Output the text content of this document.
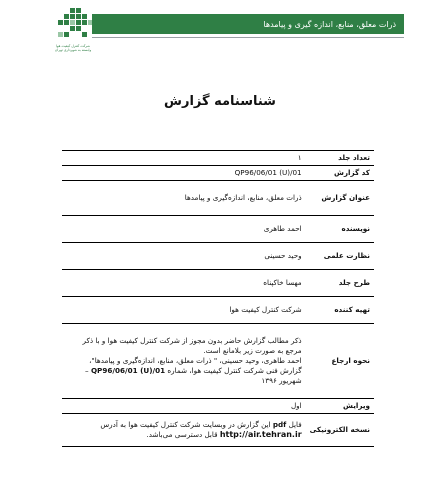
شرکت کنترل کیفیت هوا
وابسته به شهرداری تهران
ذرات معلق، منابع، اندازه گیری و پیامدها
شناسنامه گزارش
تعداد جلد	۱
کد گزارش	QP96/06/01 (U)/01
عنوان گزارش	ذرات معلق، منابع، اندازه‌گیری و پیامدها
نویسنده	احمد طاهری
نظارت علمی	وحید حسینی
طرح جلد	مهسا خاکپناه
تهیه کننده	شرکت کنترل کیفیت هوا
نحوه ارجاع	ذکر مطالب گزارش حاضر بدون مجوز از شرکت کنترل کیفیت هوا و با ذکر مرجع به صورت زیر بلامانع است.
احمد طاهری، وحید حسینی، " ذرات معلق، منابع، اندازه‌گیری و پیامدها"، گزارش فنی شرکت کنترل کیفیت هوا، شماره QP96/06/01 (U)/01 – شهریور ۱۳۹۶

ویرایش	اول
نسخه الکترونیکی	فایل pdf این گزارش در وبسایت شرکت کنترل کیفیت هوا به آدرس
http://air.tehran.ir قابل دسترسی می‌باشد.
